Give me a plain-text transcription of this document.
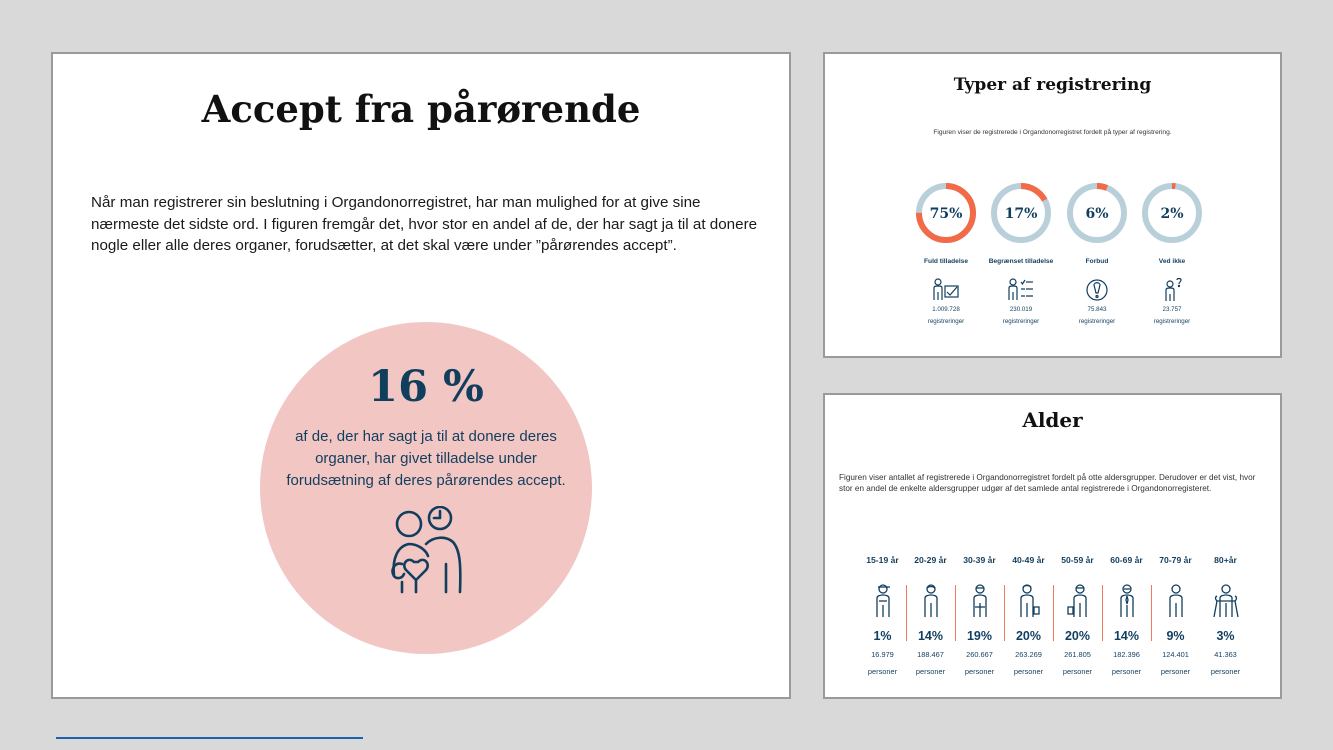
Accept fra pårørende

Når man registrerer sin beslutning i Organdonorregistret, har man mulighed for at give sine nærmeste det sidste ord. I figuren fremgår det, hvor stor en andel af de, der har sagt ja til at donere nogle eller alle deres organer, forudsætter, at det skal være under ”pårørendes accept”.

16 %

af de, der har sagt ja til at donere deres organer, har givet tilladelse under forudsætning af deres pårørendes accept.

Typer af registrering

Figuren viser de registrerede i Organdonorregistret fordelt på typer af registrering.

75%
Fuld tilladelse
1.009.728
registreringer
17%
Begrænset tilladelse
230.019
registreringer
6%
Forbud
75.843
registreringer
2%
Ved ikke
23.757
registreringer
Alder

Figuren viser antallet af registrerede i Organdonorregistret fordelt på otte aldersgrupper. Derudover er det vist, hvor stor en andel de enkelte aldersgrupper udgør af det samlede antal registrerede i Organdonorregisteret.

15-19 år
1%
16.979
personer
20-29 år
14%
188.467
personer
30-39 år
19%
260.667
personer
40-49 år
20%
263.269
personer
50-59 år
20%
261.805
personer
60-69 år
14%
182.396
personer
70-79 år
9%
124.401
personer
80+år
3%
41.363
personer
